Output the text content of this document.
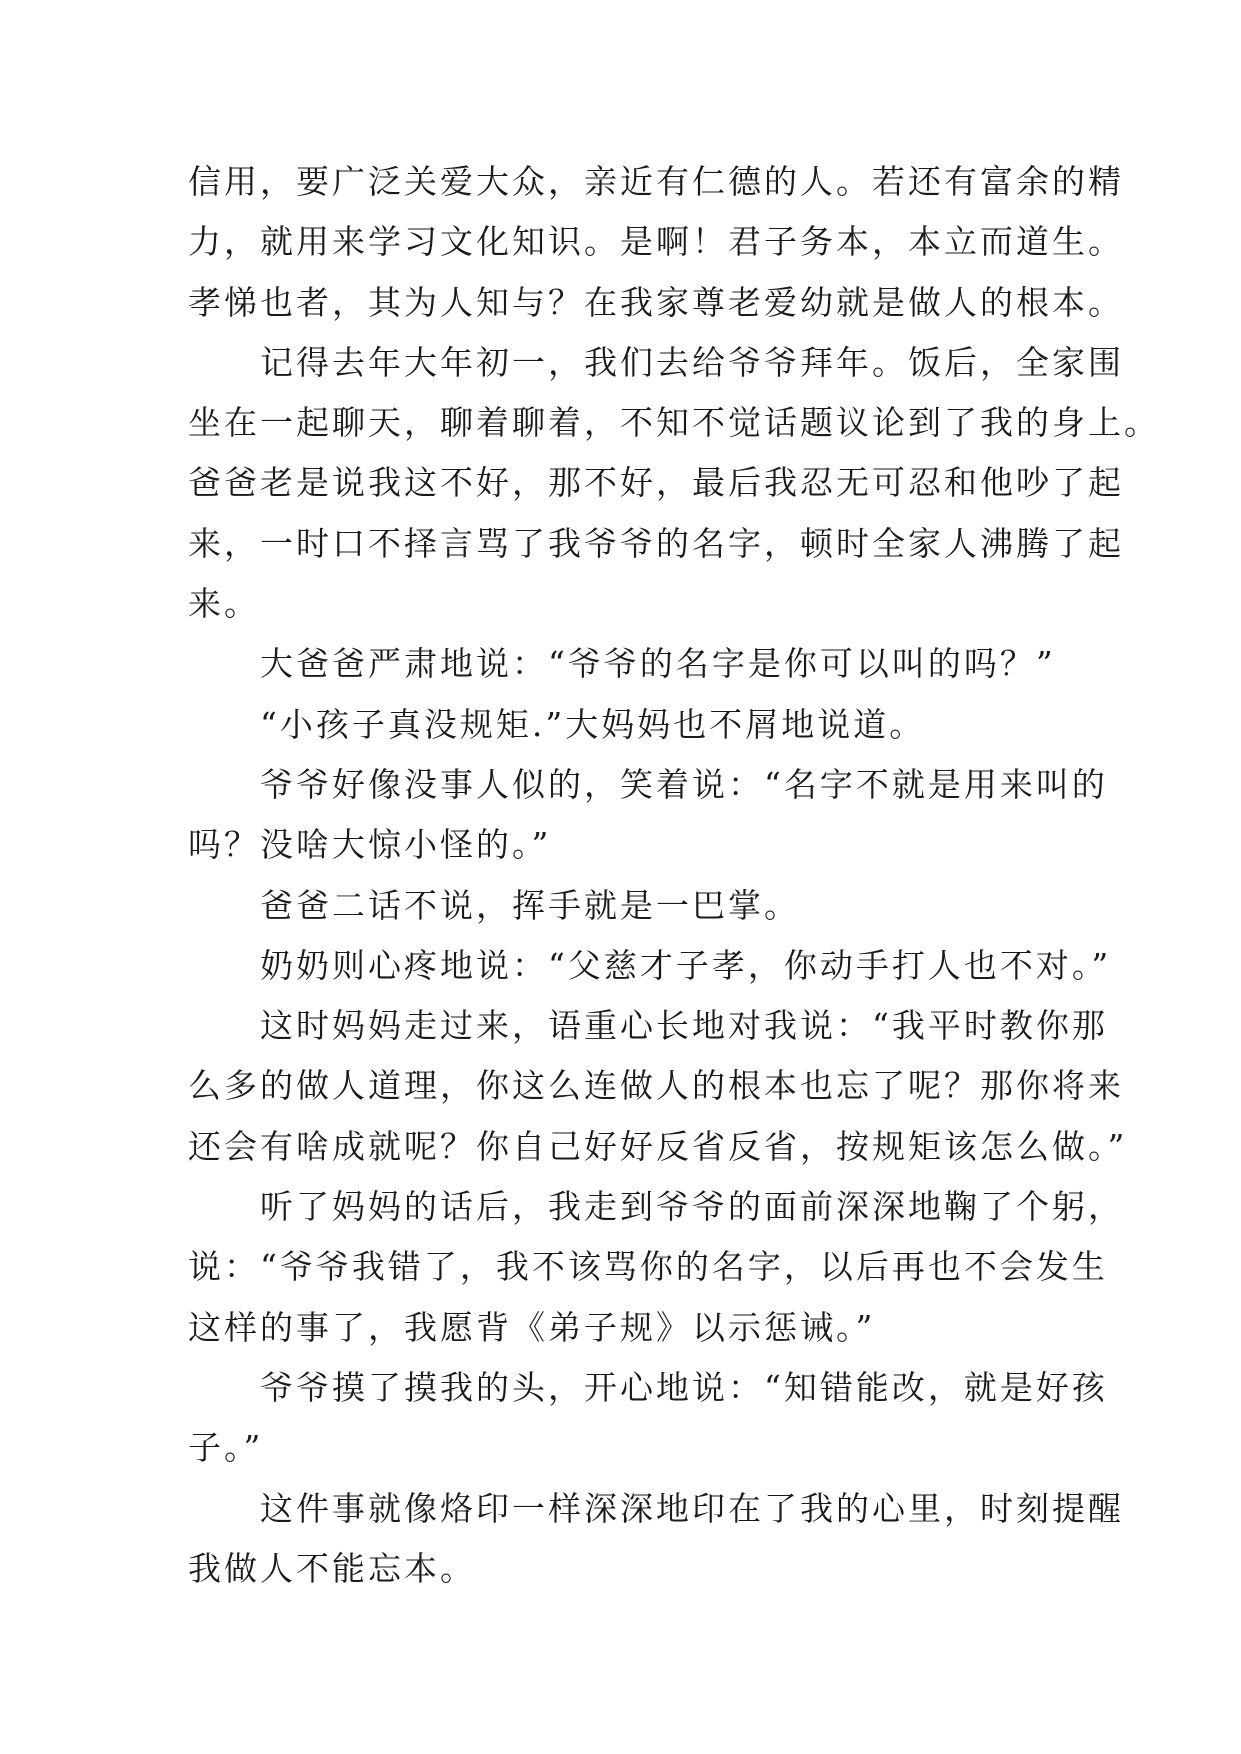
信用，要广泛关爱大众，亲近有仁德的人。若还有富余的精
力，就用来学习文化知识。是啊！君子务本，本立而道生。
孝悌也者，其为人知与？在我家尊老爱幼就是做人的根本。
记得去年大年初一，我们去给爷爷拜年。饭后，全家围
坐在一起聊天，聊着聊着，不知不觉话题议论到了我的身上。
爸爸老是说我这不好，那不好，最后我忍无可忍和他吵了起
来，一时口不择言骂了我爷爷的名字，顿时全家人沸腾了起
来。
大爸爸严肃地说：“爷爷的名字是你可以叫的吗？”
“小孩子真没规矩.”大妈妈也不屑地说道。
爷爷好像没事人似的，笑着说：“名字不就是用来叫的
吗？没啥大惊小怪的。”
爸爸二话不说，挥手就是一巴掌。
奶奶则心疼地说：“父慈才子孝，你动手打人也不对。”
这时妈妈走过来，语重心长地对我说：“我平时教你那
么多的做人道理，你这么连做人的根本也忘了呢？那你将来
还会有啥成就呢？你自己好好反省反省，按规矩该怎么做。”
听了妈妈的话后，我走到爷爷的面前深深地鞠了个躬，
说：“爷爷我错了，我不该骂你的名字，以后再也不会发生
这样的事了，我愿背《弟子规》以示惩诫。”
爷爷摸了摸我的头，开心地说：“知错能改，就是好孩
子。”
这件事就像烙印一样深深地印在了我的心里，时刻提醒
我做人不能忘本。
